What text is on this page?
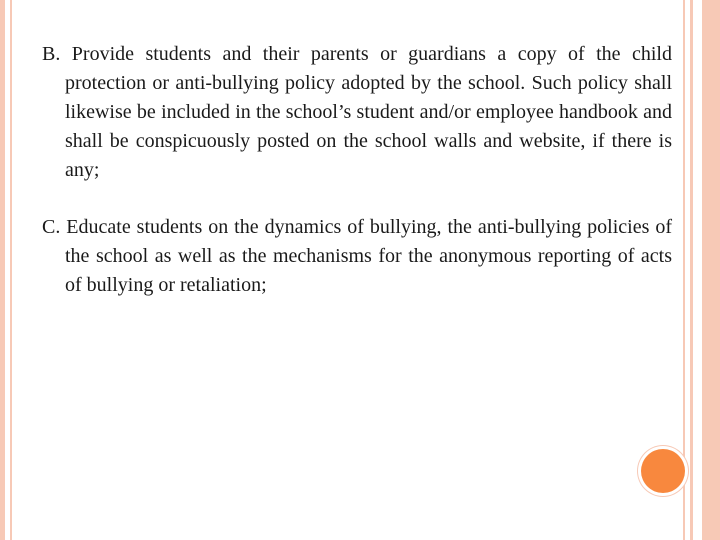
B. Provide students and their parents or guardians a copy of the child protection or anti-bullying policy adopted by the school. Such policy shall likewise be included in the school’s student and/or employee handbook and shall be conspicuously posted on the school walls and website, if there is any;

C. Educate students on the dynamics of bullying, the anti-bullying policies of the school as well as the mechanisms for the anonymous reporting of acts of bullying or retaliation;
